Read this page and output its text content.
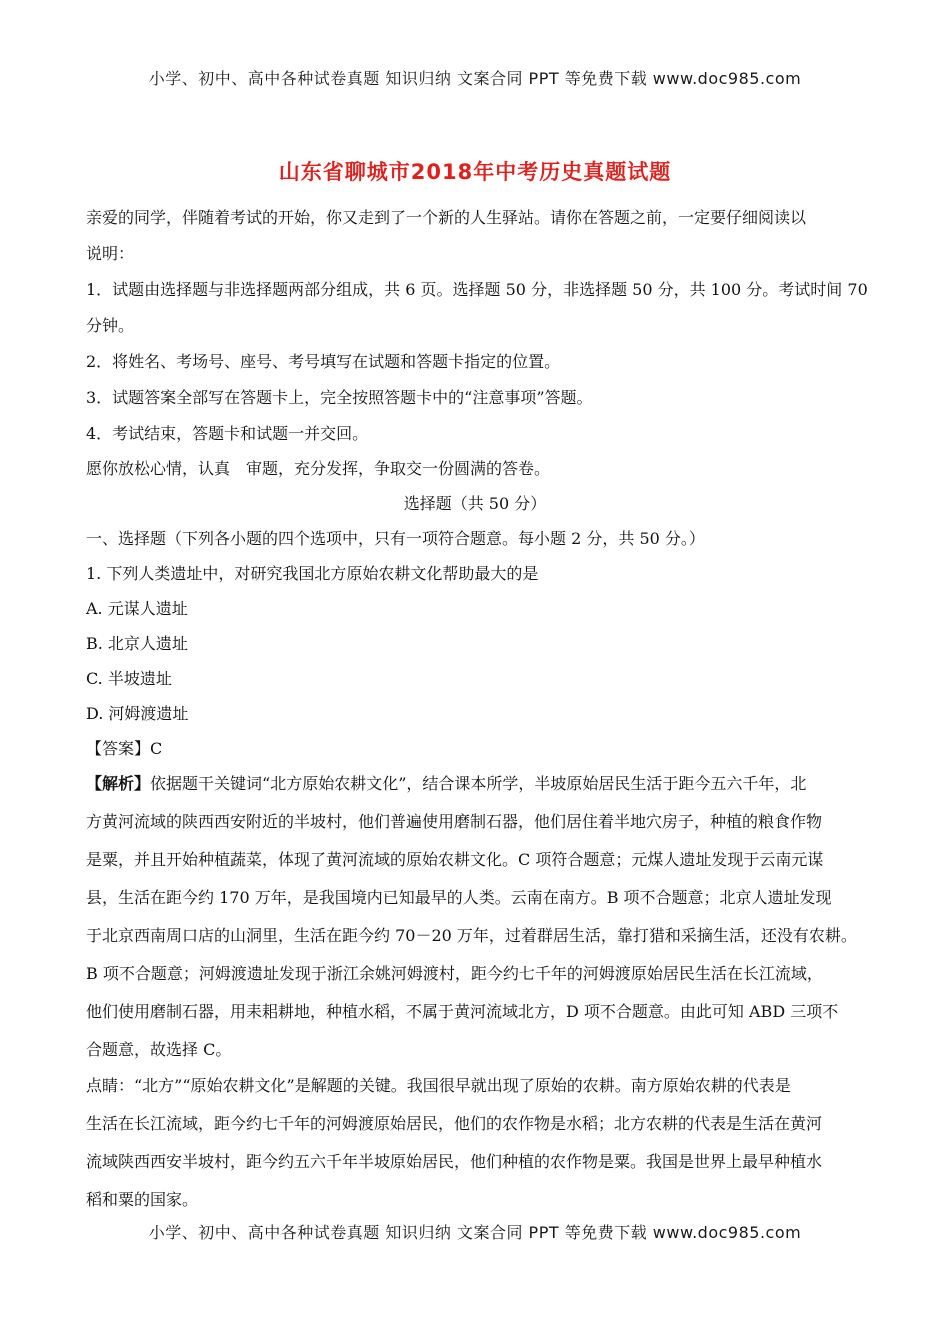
小学、初中、高中各种试卷真题 知识归纳 文案合同 PPT 等免费下载 www.doc985.com
山东省聊城市2018年中考历史真题试题
亲爱的同学，伴随着考试的开始，你又走到了一个新的人生驿站。请你在答题之前，一定要仔细阅读以
说明：
1．试题由选择题与非选择题两部分组成，共 6 页。选择题 50 分，非选择题 50 分，共 100 分。考试时间 70
分钟。
2．将姓名、考场号、座号、考号填写在试题和答题卡指定的位置。
3．试题答案全部写在答题卡上，完全按照答题卡中的“注意事项”答题。
4．考试结束，答题卡和试题一并交回。
愿你放松心情，认真　审题，充分发挥，争取交一份圆满的答卷。
选择题（共 50 分）
一、选择题（下列各小题的四个选项中，只有一项符合题意。每小题 2 分，共 50 分。）
1. 下列人类遗址中，对研究我国北方原始农耕文化帮助最大的是
A. 元谋人遗址
B. 北京人遗址
C. 半坡遗址
D. 河姆渡遗址
【答案】C
【解析】依据题干关键词“北方原始农耕文化”，结合课本所学，半坡原始居民生活于距今五六千年，北
方黄河流域的陕西西安附近的半坡村，他们普遍使用磨制石器，他们居住着半地穴房子，种植的粮食作物
是粟，并且开始种植蔬菜，体现了黄河流域的原始农耕文化。C 项符合题意；元煤人遗址发现于云南元谋
县，生活在距今约 170 万年，是我国境内已知最早的人类。云南在南方。B 项不合题意；北京人遗址发现
于北京西南周口店的山洞里，生活在距今约 70－20 万年，过着群居生活，靠打猎和采摘生活，还没有农耕。
B 项不合题意；河姆渡遗址发现于浙江余姚河姆渡村，距今约七千年的河姆渡原始居民生活在长江流域，
他们使用磨制石器，用耒耜耕地，种植水稻，不属于黄河流域北方，D 项不合题意。由此可知 ABD 三项不
合题意，故选择 C。
点睛：“北方”“原始农耕文化”是解题的关键。我国很早就出现了原始的农耕。南方原始农耕的代表是
生活在长江流域，距今约七千年的河姆渡原始居民，他们的农作物是水稻；北方农耕的代表是生活在黄河
流域陕西西安半坡村，距今约五六千年半坡原始居民，他们种植的农作物是粟。我国是世界上最早种植水
稻和粟的国家。
小学、初中、高中各种试卷真题 知识归纳 文案合同 PPT 等免费下载 www.doc985.com
